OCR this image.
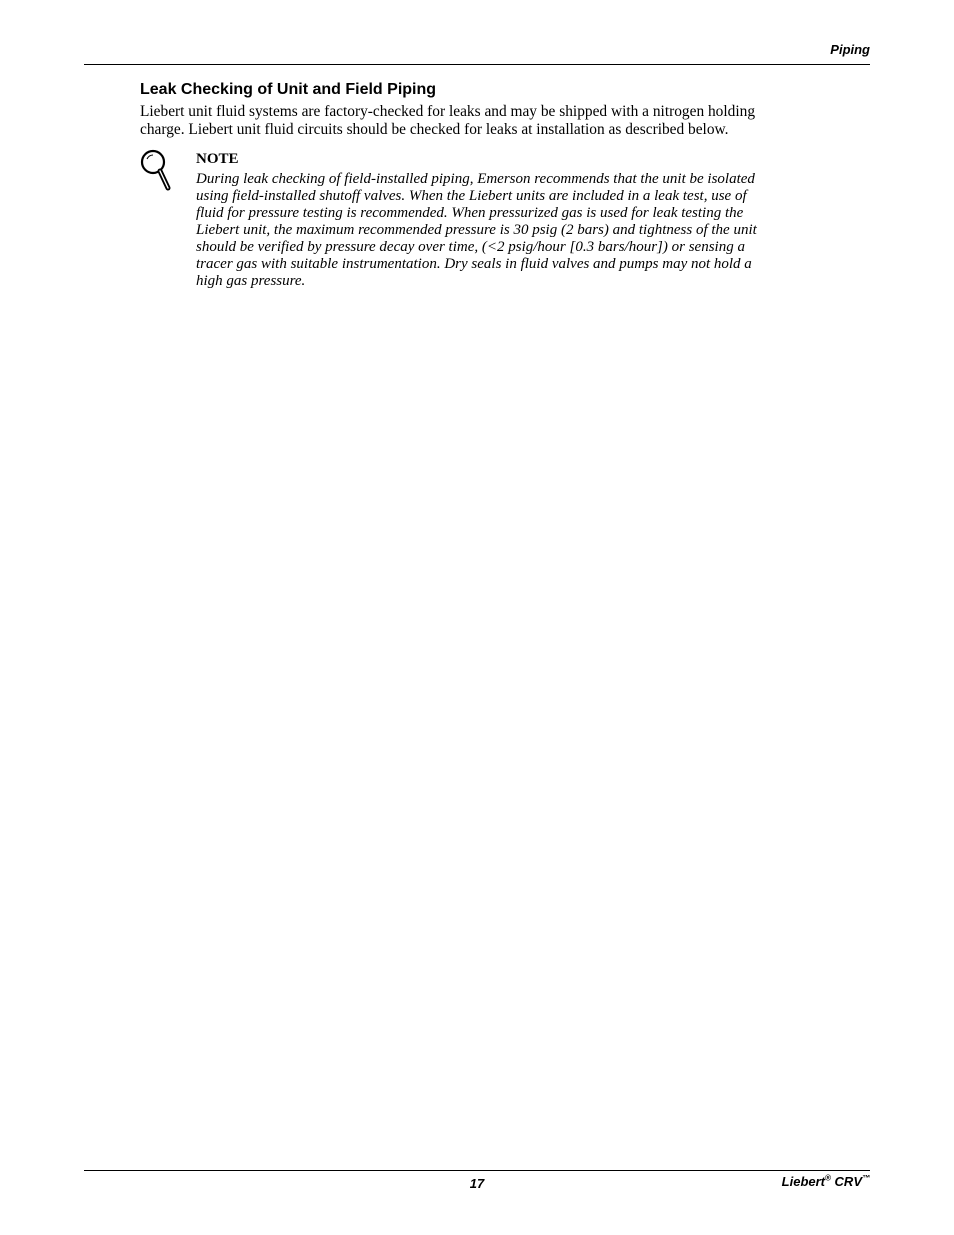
Piping
Leak Checking of Unit and Field Piping
Liebert unit fluid systems are factory-checked for leaks and may be shipped with a nitrogen holding
charge. Liebert unit fluid circuits should be checked for leaks at installation as described below.
NOTE
During leak checking of field-installed piping, Emerson recommends that the unit be isolated
using field-installed shutoff valves. When the Liebert units are included in a leak test, use of
fluid for pressure testing is recommended. When pressurized gas is used for leak testing the
Liebert unit, the maximum recommended pressure is 30 psig (2 bars) and tightness of the unit
should be verified by pressure decay over time, (<2 psig/hour [0.3 bars/hour]) or sensing a
tracer gas with suitable instrumentation. Dry seals in fluid valves and pumps may not hold a
high gas pressure.
17	Liebert® CRV™
